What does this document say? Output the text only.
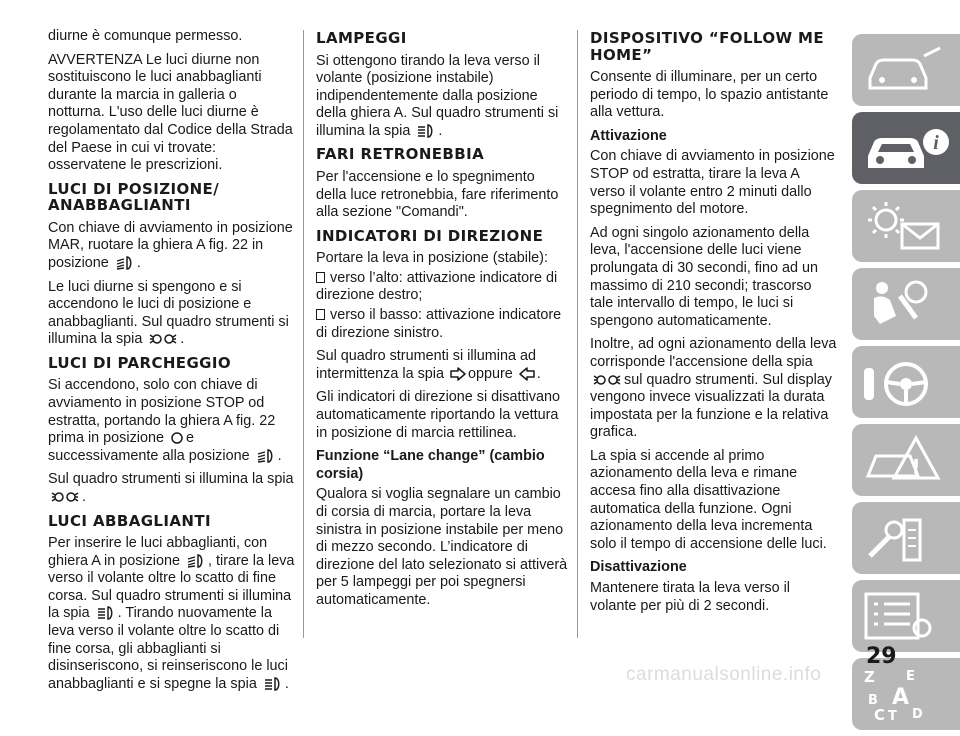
diurne è comunque permesso.

AVVERTENZA Le luci diurne non sostituiscono le luci anabbaglianti durante la marcia in galleria o notturna. L'uso delle luci diurne è regolamentato dal Codice della Strada del Paese in cui vi trovate: osservatene le prescrizioni.

LUCI DI POSIZIONE/ ANABBAGLIANTI

Con chiave di avviamento in posizione MAR, ruotare la ghiera A fig. 22 in posizione .

Le luci diurne si spengono e si accendono le luci di posizione e anabbaglianti. Sul quadro strumenti si illumina la spia	.

LUCI DI PARCHEGGIO

Si accendono, solo con chiave di avviamento in posizione STOP od estratta, portando la ghiera A fig. 22 prima in posizione e successivamente alla posizione .

Sul quadro strumenti si illumina la spia
.

LUCI ABBAGLIANTI

Per inserire le luci abbaglianti, con ghiera A in posizione , tirare la leva verso il volante oltre lo scatto di fine corsa. Sul quadro strumenti si illumina la spia . Tirando nuovamente la leva verso il volante oltre lo scatto di fine corsa, gli abbaglianti si disinseriscono, si reinseriscono le luci anabbaglianti e si spegne la spia .

LAMPEGGI

Si ottengono tirando la leva verso il volante (posizione instabile) indipendentemente dalla posizione della ghiera A. Sul quadro strumenti si illumina la spia .

FARI RETRONEBBIA

Per l'accensione e lo spegnimento della luce retronebbia, fare riferimento alla sezione "Comandi".

INDICATORI DI DIREZIONE

Portare la leva in posizione (stabile):

verso l’alto: attivazione indicatore di direzione destro;

verso il basso: attivazione indicatore di direzione sinistro.

Sul quadro strumenti si illumina ad intermittenza la spia oppure .

Gli indicatori di direzione si disattivano automaticamente riportando la vettura in posizione di marcia rettilinea.

Funzione “Lane change” (cambio corsia)

Qualora si voglia segnalare un cambio di corsia di marcia, portare la leva sinistra in posizione instabile per meno di mezzo secondo. L’indicatore di direzione del lato selezionato si attiverà per 5 lampeggi per poi spegnersi automaticamente.

DISPOSITIVO “FOLLOW ME HOME”

Consente di illuminare, per un certo periodo di tempo, lo spazio antistante alla vettura.

Attivazione

Con chiave di avviamento in posizione STOP od estratta, tirare la leva A verso il volante entro 2 minuti dallo spegnimento del motore.

Ad ogni singolo azionamento della leva, l'accensione delle luci viene prolungata di 30 secondi, fino ad un massimo di 210 secondi; trascorso tale intervallo di tempo, le luci si spengono automaticamente.

Inoltre, ad ogni azionamento della leva corrisponde l'accensione della spia
sul quadro strumenti. Sul display vengono invece visualizzati la durata impostata per la funzione e la relativa grafica.

La spia si accende al primo azionamento della leva e rimane accesa fino alla disattivazione automatica della funzione. Ogni azionamento della leva incrementa solo il tempo di accensione delle luci.

Disattivazione

Mantenere tirata la leva verso il volante per più di 2 secondi.

i
!
Z E
B A
C D
T
29
carmanualsonline.info
